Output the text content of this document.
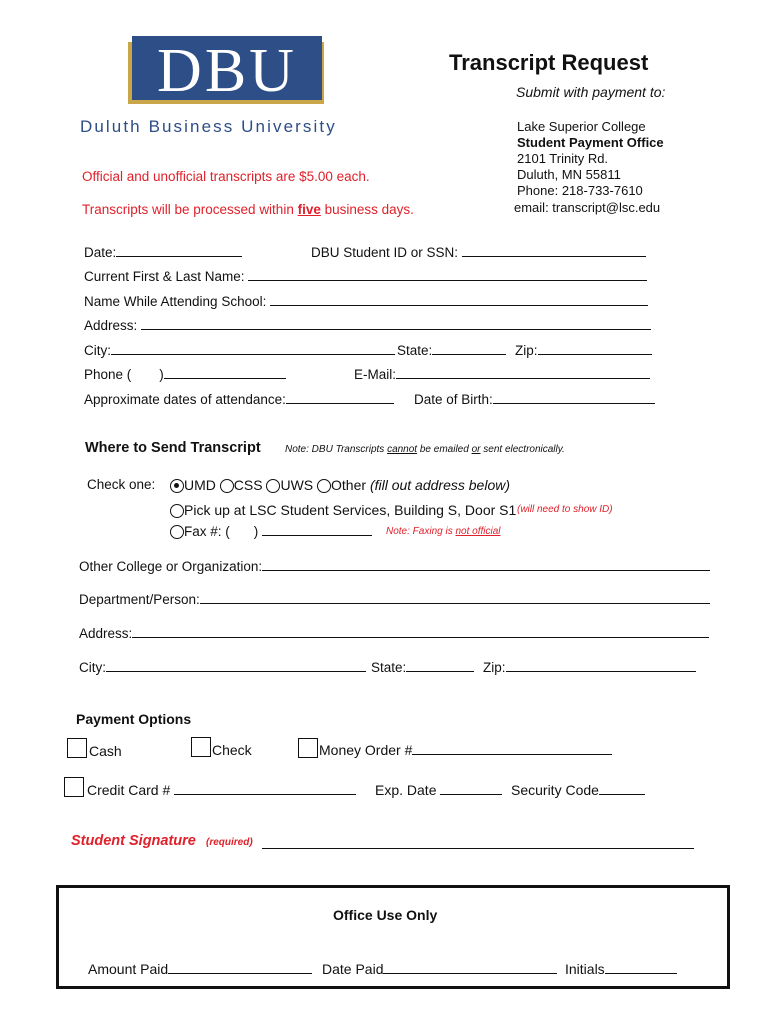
DBU
Duluth Business University
Transcript Request
Submit with payment to:
Lake Superior College
Student Payment Office
2101 Trinity Rd.
Duluth, MN 55811
Phone: 218-733-7610
email: transcript@lsc.edu
Official and unofficial transcripts are $5.00 each.
Transcripts will be processed within five business days.
Date:	DBU Student ID or SSN:
Current First & Last Name:
Name While Attending School:
Address:
City:	State:	Zip:
Phone ( )	E-Mail:
Approximate dates of attendance:	Date of Birth:
Where to Send Transcript Note: DBU Transcripts cannot be emailed or sent electronically.
Check one:	UMD CSS UWS Other (fill out address below)
Pick up at LSC Student Services, Building S, Door S1 (will need to show ID)
Fax #: ( )	Note: Faxing is not official
Other College or Organization:
Department/Person:
Address:
City:	State:	Zip:
Payment Options
Cash	Check	Money Order #
Credit Card #	Exp. Date	Security Code
Student Signature (required)
Office Use Only
Amount Paid	Date Paid	Initials
